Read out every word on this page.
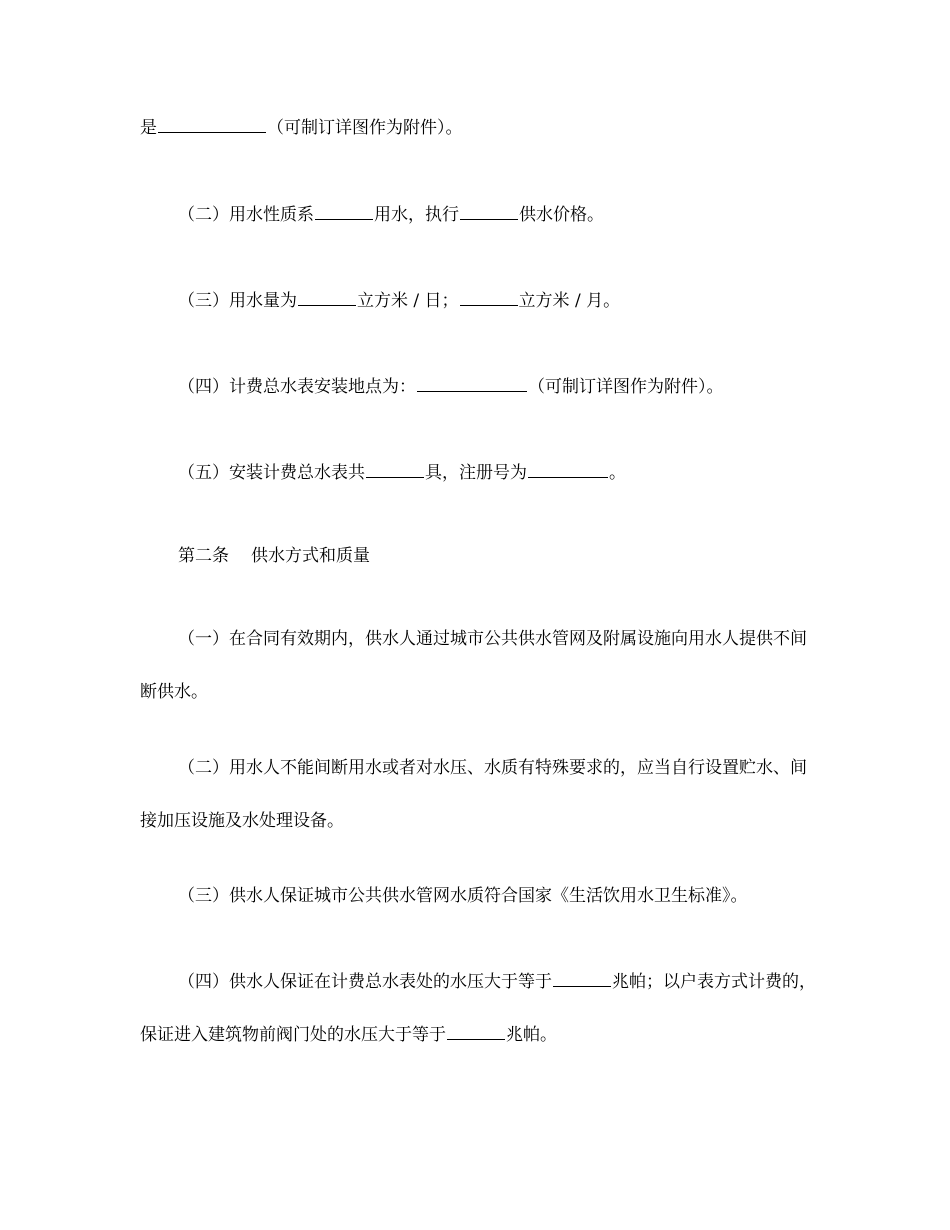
是	（可制订详图作为附件）。
（二）用水性质系	用水，执行	供水价格。
（三）用水量为	立方米 / 日；	立方米 / 月。
（四）计费总水表安装地点为：	（可制订详图作为附件）。
（五）安装计费总水表共	具，注册号为	。
第二条 供水方式和质量
（一）在合同有效期内，供水人通过城市公共供水管网及附属设施向用水人提供不间断供水。
（二）用水人不能间断用水或者对水压、水质有特殊要求的，应当自行设置贮水、间接加压设施及水处理设备。
（三）供水人保证城市公共供水管网水质符合国家《生活饮用水卫生标准》。
（四）供水人保证在计费总水表处的水压大于等于	兆帕；以户表方式计费的，保证进入建筑物前阀门处的水压大于等于	兆帕。
